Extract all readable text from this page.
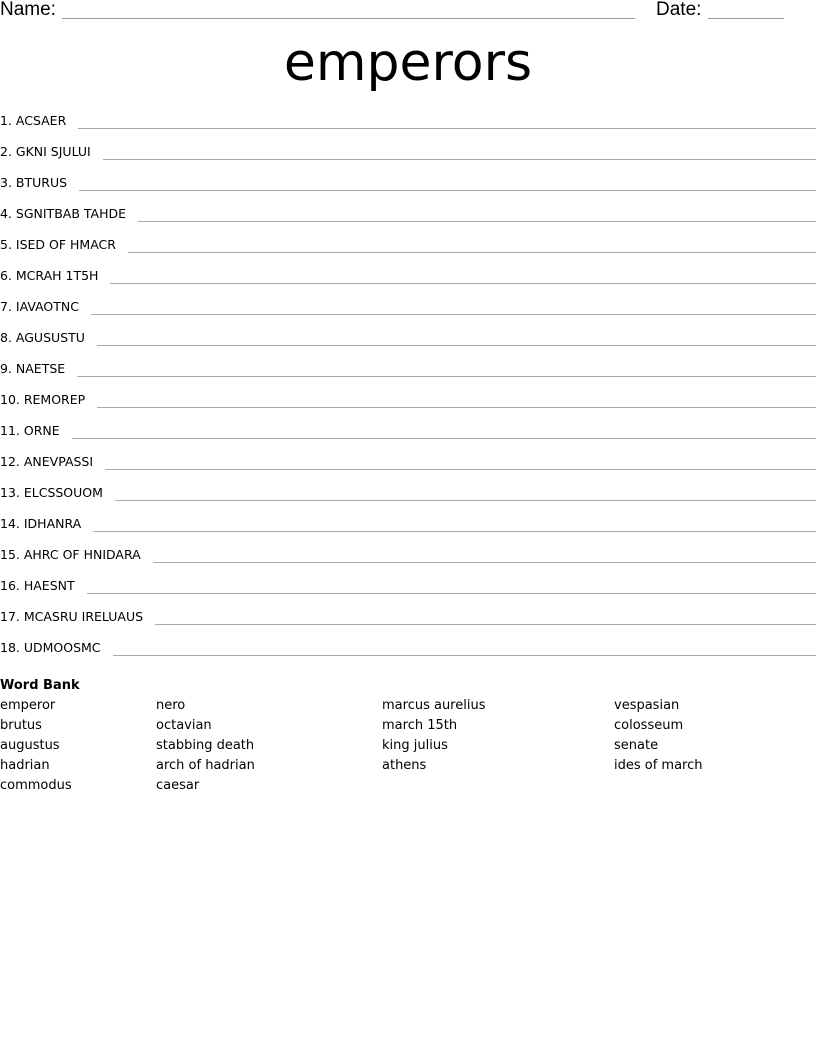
Name:	Date:
emperors
1. ACSAER
2. GKNI SJULUI
3. BTURUS
4. SGNITBAB TAHDE
5. ISED OF HMACR
6. MCRAH 1T5H
7. IAVAOTNC
8. AGUSUSTU
9. NAETSE
10. REMOREP
11. ORNE
12. ANEVPASSI
13. ELCSSOUOM
14. IDHANRA
15. AHRC OF HNIDARA
16. HAESNT
17. MCASRU IRELUAUS
18. UDMOOSMC
Word Bank
emperor
brutus
augustus
hadrian
commodus
nero
octavian
stabbing death
arch of hadrian
caesar
marcus aurelius
march 15th
king julius
athens
vespasian
colosseum
senate
ides of march
